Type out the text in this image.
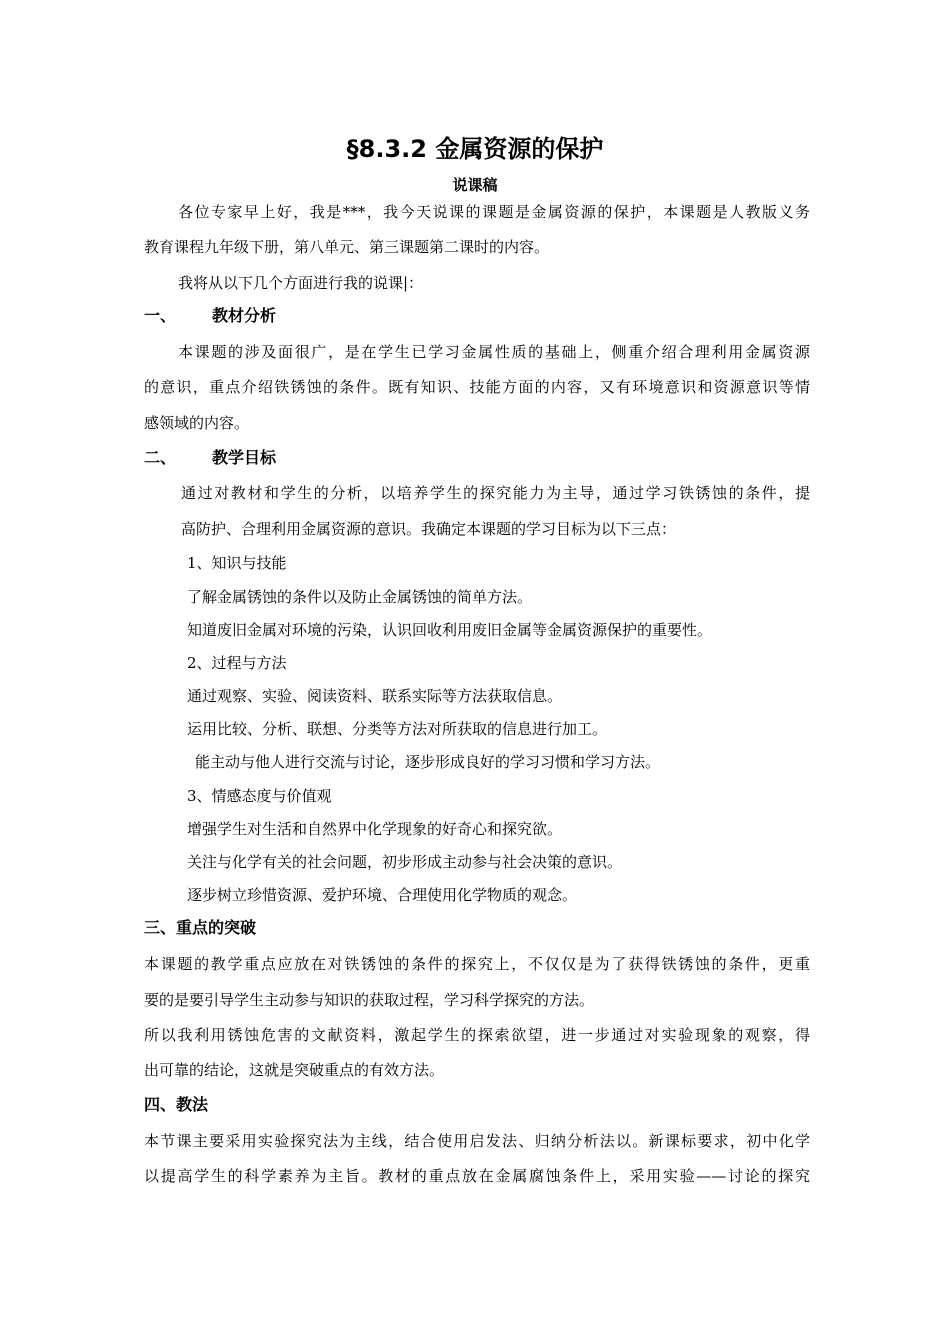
§8.3.2 金属资源的保护
说课稿
各位专家早上好，我是***，我今天说课的课题是金属资源的保护，本课题是人教版义务
教育课程九年级下册，第八单元、第三课题第二课时的内容。
我将从以下几个方面进行我的说课|：
一、 教材分析
本课题的涉及面很广，是在学生已学习金属性质的基础上，侧重介绍合理利用金属资源
的意识，重点介绍铁锈蚀的条件。既有知识、技能方面的内容，又有环境意识和资源意识等情
感领域的内容。
二、 教学目标
通过对教材和学生的分析，以培养学生的探究能力为主导，通过学习铁锈蚀的条件，提
高防护、合理利用金属资源的意识。我确定本课题的学习目标为以下三点：
1、知识与技能
了解金属锈蚀的条件以及防止金属锈蚀的简单方法。
知道废旧金属对环境的污染，认识回收利用废旧金属等金属资源保护的重要性。
2、过程与方法
通过观察、实验、阅读资料、联系实际等方法获取信息。
运用比较、分析、联想、分类等方法对所获取的信息进行加工。
能主动与他人进行交流与讨论，逐步形成良好的学习习惯和学习方法。
3、情感态度与价值观
增强学生对生活和自然界中化学现象的好奇心和探究欲。
关注与化学有关的社会问题，初步形成主动参与社会决策的意识。
逐步树立珍惜资源、爱护环境、合理使用化学物质的观念。
三、重点的突破
本课题的教学重点应放在对铁锈蚀的条件的探究上，不仅仅是为了获得铁锈蚀的条件，更重
要的是要引导学生主动参与知识的获取过程，学习科学探究的方法。
所以我利用锈蚀危害的文献资料，激起学生的探索欲望，进一步通过对实验现象的观察，得
出可靠的结论，这就是突破重点的有效方法。
四、教法
本节课主要采用实验探究法为主线，结合使用启发法、归纳分析法以。新课标要求，初中化学
以提高学生的科学素养为主旨。教材的重点放在金属腐蚀条件上，采用实验——讨论的探究
